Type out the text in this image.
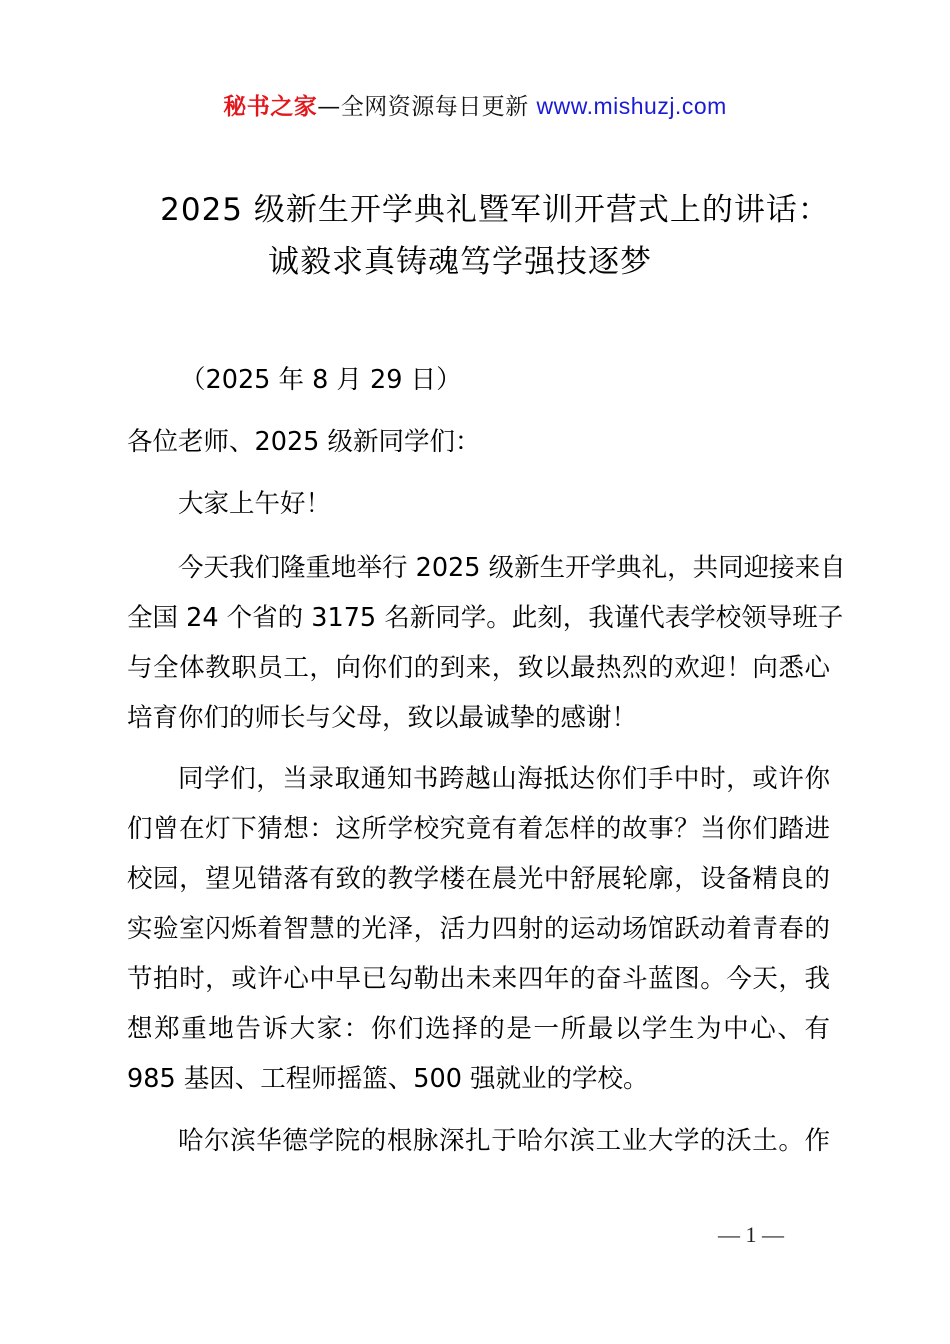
秘书之家—全网资源每日更新 www.mishuzj.com
2025 级新生开学典礼暨军训开营式上的讲话：
诚毅求真铸魂笃学强技逐梦
（2025 年 8 月 29 日）
各位老师、2025 级新同学们：
大家上午好！
今天我们隆重地举行 2025 级新生开学典礼，共同迎接来自
全国 24 个省的 3175 名新同学。此刻，我谨代表学校领导班子
与全体教职员工，向你们的到来，致以最热烈的欢迎！向悉心
培育你们的师长与父母，致以最诚挚的感谢！
同学们，当录取通知书跨越山海抵达你们手中时，或许你
们曾在灯下猜想：这所学校究竟有着怎样的故事？当你们踏进
校园，望见错落有致的教学楼在晨光中舒展轮廓，设备精良的
实验室闪烁着智慧的光泽，活力四射的运动场馆跃动着青春的
节拍时，或许心中早已勾勒出未来四年的奋斗蓝图。今天，我
想郑重地告诉大家：你们选择的是一所最以学生为中心、有
985 基因、工程师摇篮、500 强就业的学校。
哈尔滨华德学院的根脉深扎于哈尔滨工业大学的沃土。作
— 1 —
